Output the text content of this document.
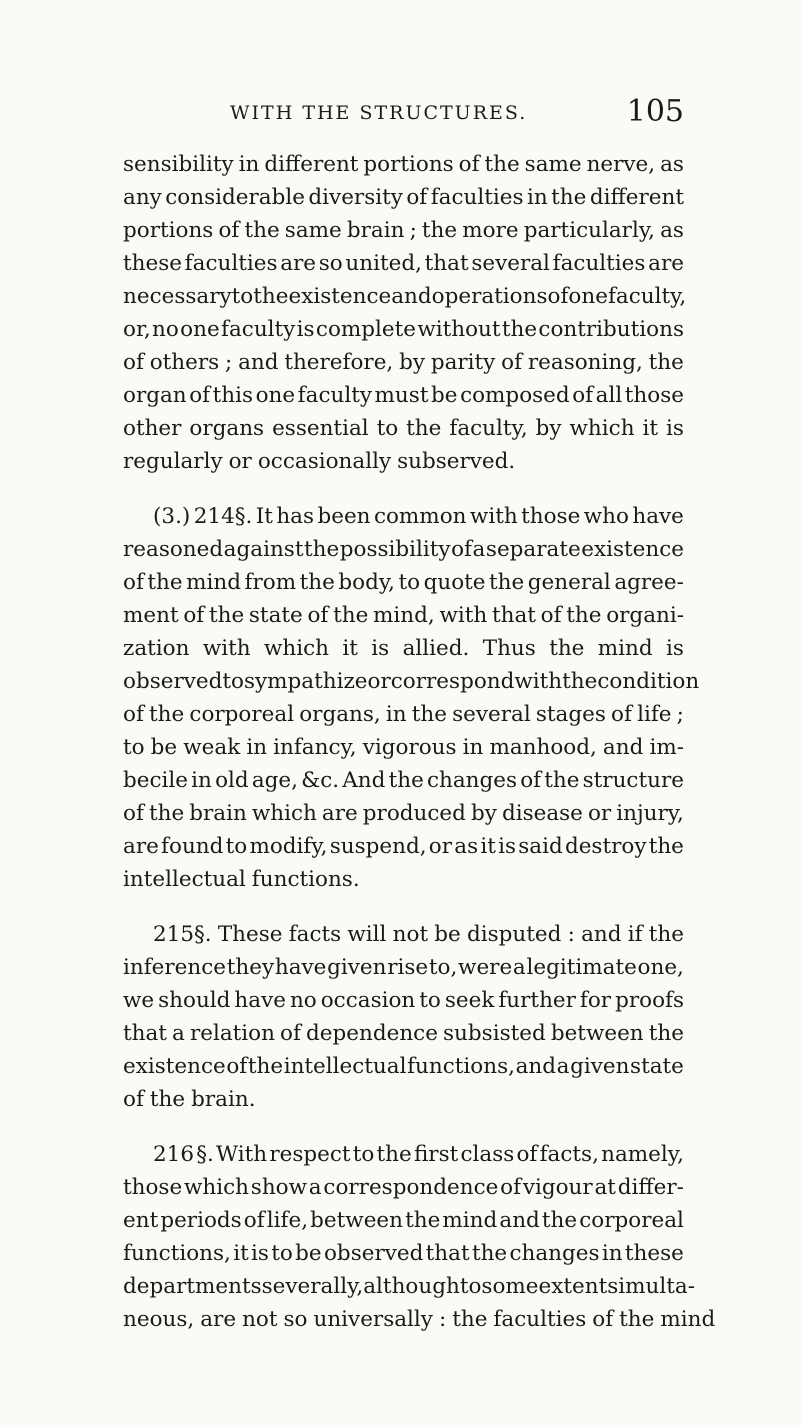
WITH THE STRUCTURES.	105
sensibility in different portions of the same nerve, as
any considerable diversity of faculties in the different
portions of the same brain ; the more particularly, as
these faculties are so united, that several faculties are
necessary to the existence and operations of one faculty,
or, no one faculty is complete without the contributions
of others ; and therefore, by parity of reasoning, the
organ of this one faculty must be composed of all those
other organs essential to the faculty, by which it is
regularly or occasionally subserved.
(3.) 214§. It has been common with those who have
reasoned against the possibility of a separate existence
of the mind from the body, to quote the general agree-
ment of the state of the mind, with that of the organi-
zation with which it is allied. Thus the mind is
observed to sympathize or correspond with the condition
of the corporeal organs, in the several stages of life ;
to be weak in infancy, vigorous in manhood, and im-
becile in old age, &c. And the changes of the structure
of the brain which are produced by disease or injury,
are found to modify, suspend, or as it is said destroy the
intellectual functions.
215§. These facts will not be disputed : and if the
inference they have given rise to, were a legitimate one,
we should have no occasion to seek further for proofs
that a relation of dependence subsisted between the
existence of the intellectual functions, and a given state
of the brain.
216 §. With respect to the first class of facts, namely,
those which show a correspondence of vigour at differ-
ent periods of life, between the mind and the corporeal
functions, it is to be observed that the changes in these
departments severally, although to some extent simulta-
neous, are not so universally : the faculties of the mind
